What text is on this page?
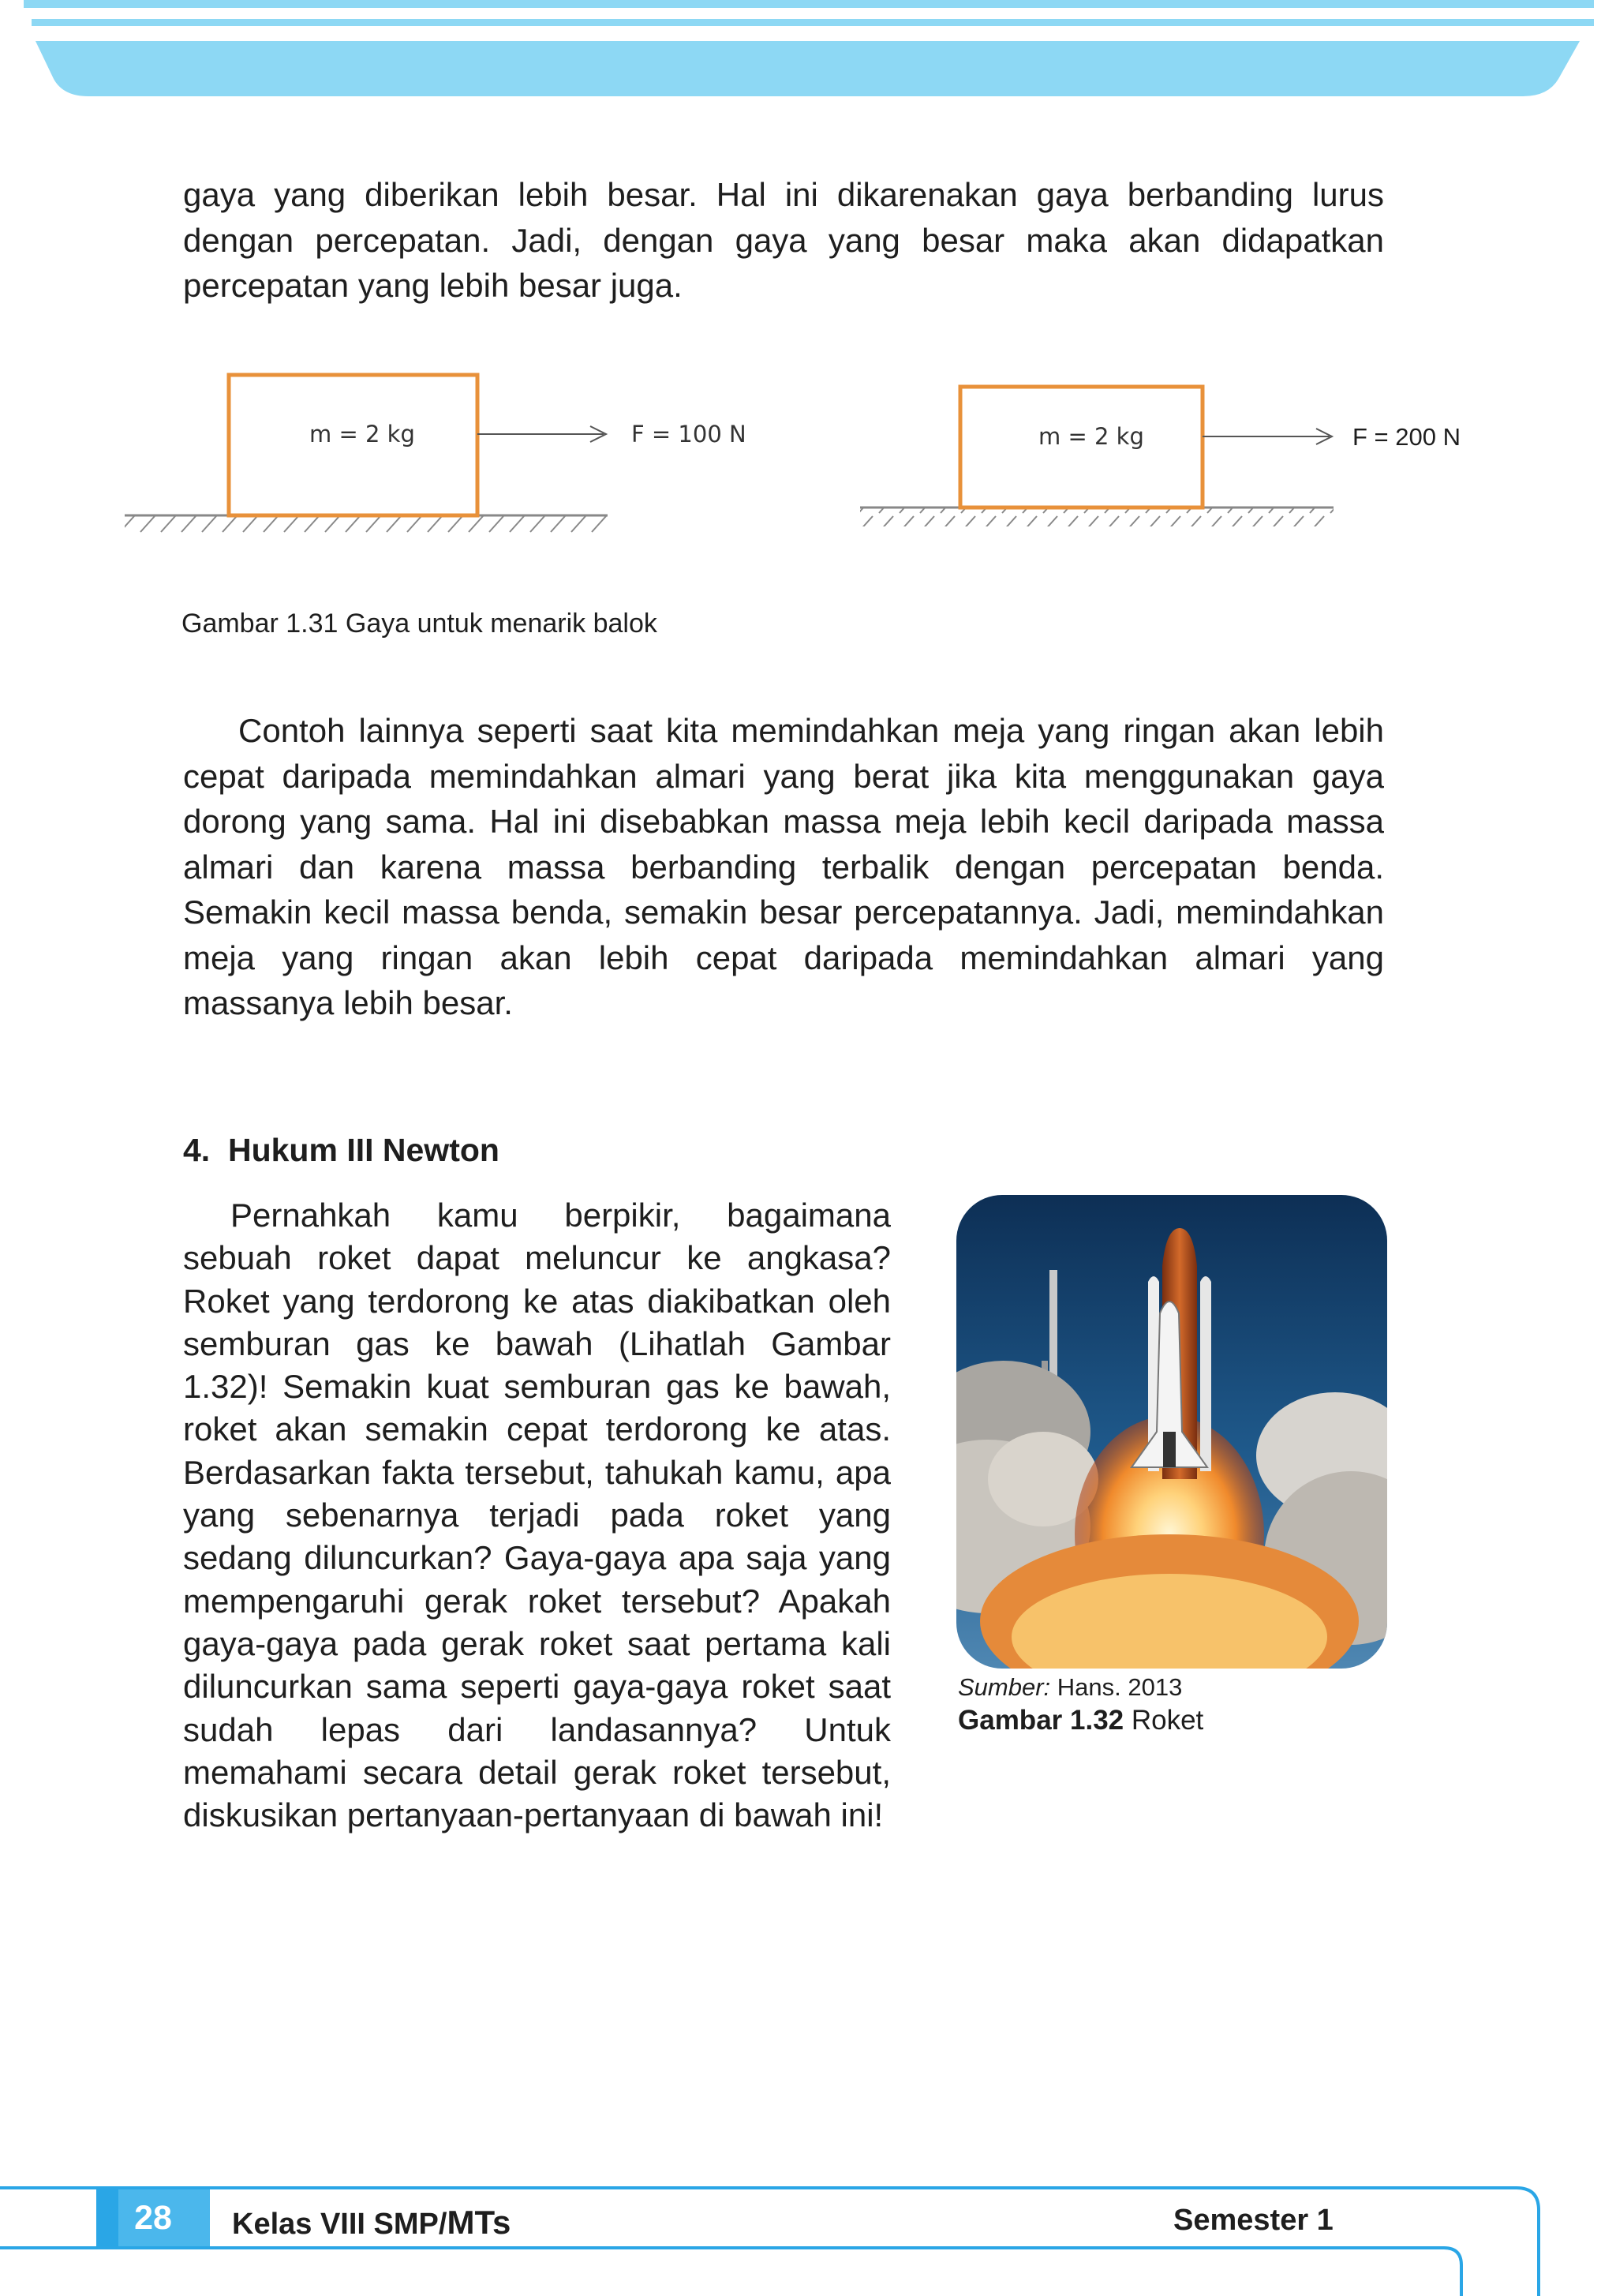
gaya yang diberikan lebih besar. Hal ini dikarenakan gaya berbanding lurus dengan percepatan. Jadi, dengan gaya yang besar maka akan didapatkan percepatan yang lebih besar juga.

m = 2 kg	F = 100 N	m = 2 kg	F = 200 N
Gambar 1.31 Gaya untuk menarik balok

Contoh lainnya seperti saat kita memindahkan meja yang ringan akan lebih cepat daripada memindahkan almari yang berat jika kita menggunakan gaya dorong yang sama. Hal ini disebabkan massa meja lebih kecil daripada massa almari dan karena massa berbanding terbalik dengan percepatan benda. Semakin kecil massa benda, semakin besar percepatannya. Jadi, memindahkan meja yang ringan akan lebih cepat daripada memindahkan almari yang massanya lebih besar.

4.  Hukum III Newton

Pernahkah kamu berpikir, bagaimana sebuah roket dapat meluncur ke angkasa? Roket yang terdorong ke atas diakibatkan oleh semburan gas ke bawah (Lihatlah Gambar 1.32)! Semakin kuat semburan gas ke bawah, roket akan semakin cepat terdorong ke atas. Berdasarkan fakta tersebut, tahukah kamu, apa yang sebenarnya terjadi pada roket yang sedang diluncurkan? Gaya-gaya apa saja yang mempengaruhi gerak roket tersebut? Apakah gaya-gaya pada gerak roket saat pertama kali diluncurkan sama seperti gaya-gaya roket saat sudah lepas dari landasannya? Untuk memahami secara detail gerak roket tersebut, diskusikan pertanyaan-pertanyaan di bawah ini!

Sumber: Hans. 2013
Gambar 1.32 Roket
28	Kelas VIII SMP/MTs	Semester 1
